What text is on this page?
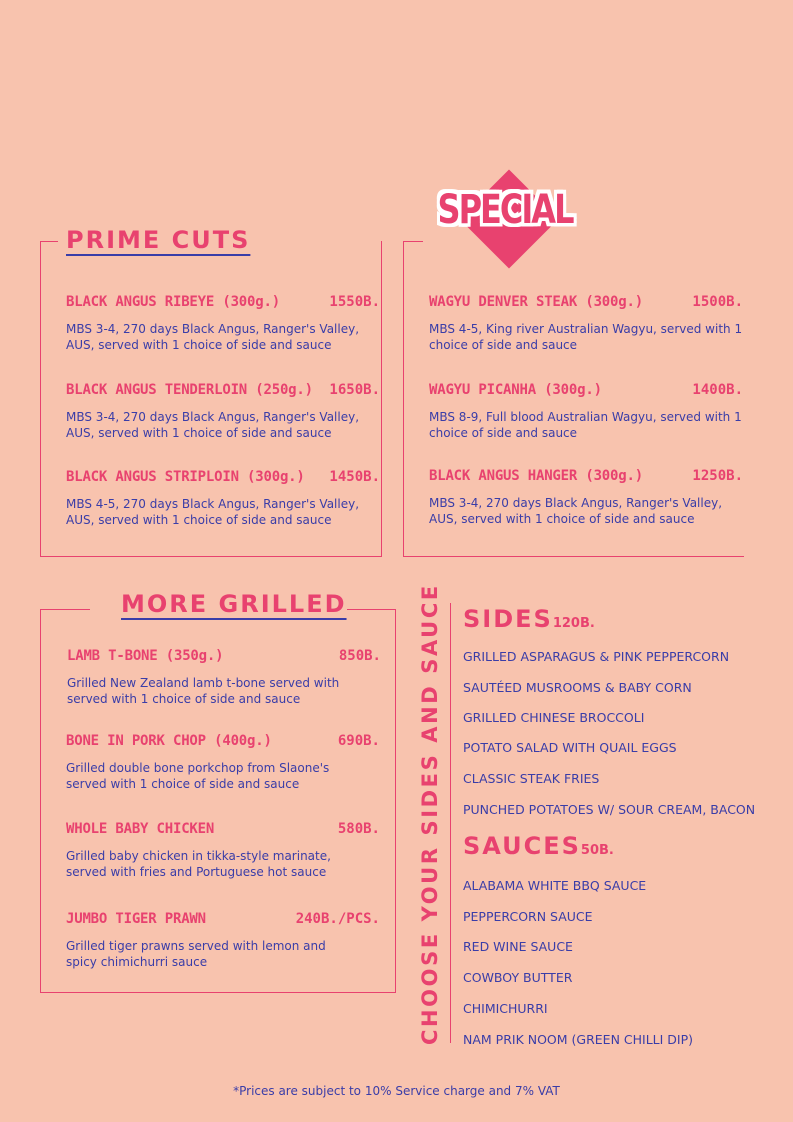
PRIME CUTS
BLACK ANGUS RIBEYE (300g.)	1550B.
MBS 3-4, 270 days Black Angus, Ranger's Valley, AUS, served with 1 choice of side and sauce
BLACK ANGUS TENDERLOIN (250g.) 1650B.
MBS 3-4, 270 days Black Angus, Ranger's Valley, AUS, served with 1 choice of side and sauce
BLACK ANGUS STRIPLOIN (300g.) 1450B.
MBS 4-5, 270 days Black Angus, Ranger's Valley, AUS, served with 1 choice of side and sauce
SPECIAL
WAGYU DENVER STEAK (300g.)	1500B.
MBS 4-5, King river Australian Wagyu, served with 1 choice of side and sauce
WAGYU PICANHA (300g.)	1400B.
MBS 8-9, Full blood Australian Wagyu, served with 1 choice of side and sauce
BLACK ANGUS HANGER (300g.)	1250B.
MBS 3-4, 270 days Black Angus, Ranger's Valley, AUS, served with 1 choice of side and sauce
MORE GRILLED
LAMB T-BONE (350g.)	850B.
Grilled New Zealand lamb t-bone served with served with 1 choice of side and sauce
BONE IN PORK CHOP (400g.)	690B.
Grilled double bone porkchop from Slaone's served with 1 choice of side and sauce
WHOLE BABY CHICKEN	580B.
Grilled baby chicken in tikka-style marinate, served with fries and Portuguese hot sauce
JUMBO TIGER PRAWN	240B./PCS.
Grilled tiger prawns served with lemon and spicy chimichurri sauce	CHOOSE YOUR SIDES AND SAUCE SIDES120B.
GRILLED ASPARAGUS & PINK PEPPERCORN
SAUTÉED MUSROOMS & BABY CORN
GRILLED CHINESE BROCCOLI
POTATO SALAD WITH QUAIL EGGS
CLASSIC STEAK FRIES
PUNCHED POTATOES W/ SOUR CREAM, BACON
SAUCES50B.
ALABAMA WHITE BBQ SAUCE
PEPPERCORN SAUCE
RED WINE SAUCE
COWBOY BUTTER
CHIMICHURRI
NAM PRIK NOOM (GREEN CHILLI DIP)
*Prices are subject to 10% Service charge and 7% VAT
